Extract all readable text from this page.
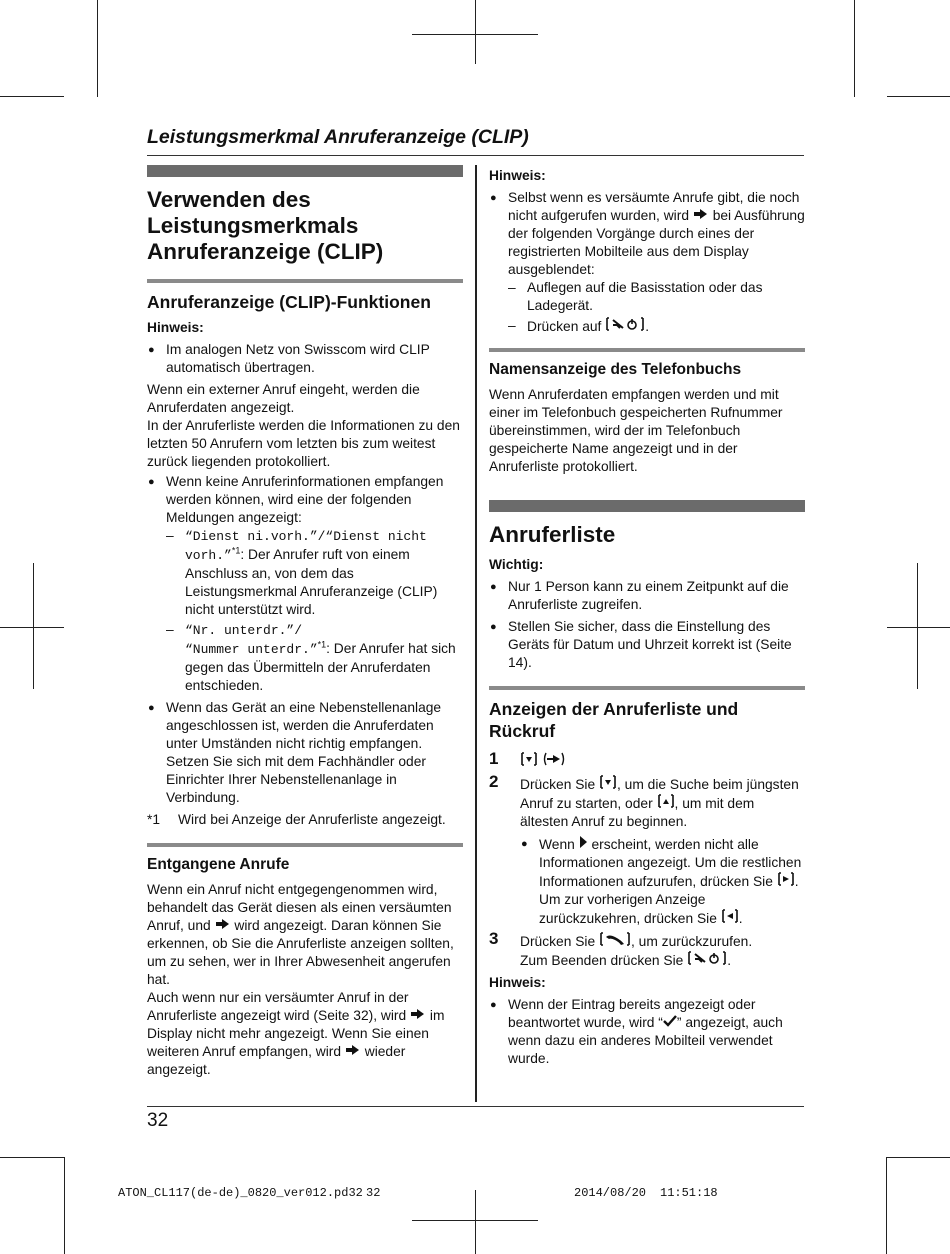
Leistungsmerkmal Anruferanzeige (CLIP)
Verwenden des Leistungsmerkmals Anruferanzeige (CLIP)
Anruferanzeige (CLIP)-Funktionen
Hinweis:
● Im analogen Netz von Swisscom wird CLIP automatisch übertragen.

Wenn ein externer Anruf eingeht, werden die Anruferdaten angezeigt.

In der Anruferliste werden die Informationen zu den letzten 50 Anrufern vom letzten bis zum weitest zurück liegenden protokolliert.

● Wenn keine Anruferinformationen empfangen werden können, wird eine der folgenden Meldungen angezeigt:
– “Dienst ni.vorh.”/“Dienst nicht vorh.”$^{*1}$: Der Anrufer ruft von einem Anschluss an, von dem das Leistungsmerkmal Anruferanzeige (CLIP) nicht unterstützt wird.
– “Nr. unterdr.”/
“Nummer unterdr.”$^{*1}$: Der Anrufer hat sich gegen das Übermitteln der Anruferdaten entschieden.
● Wenn das Gerät an eine Nebenstellenanlage angeschlossen ist, werden die Anruferdaten unter Umständen nicht richtig empfangen. Setzen Sie sich mit dem Fachhändler oder Einrichter Ihrer Nebenstellenanlage in Verbindung.
*1 Wird bei Anzeige der Anruferliste angezeigt.
Entgangene Anrufe

Wenn ein Anruf nicht entgegengenommen wird, behandelt das Gerät diesen als einen versäumten Anruf, und wird angezeigt. Daran können Sie erkennen, ob Sie die Anruferliste anzeigen sollten, um zu sehen, wer in Ihrer Abwesenheit angerufen hat.

Auch wenn nur ein versäumter Anruf in der Anruferliste angezeigt wird (Seite 32), wird im Display nicht mehr angezeigt. Wenn Sie einen weiteren Anruf empfangen, wird wieder angezeigt.

Hinweis:
● Selbst wenn es versäumte Anrufe gibt, die noch nicht aufgerufen wurden, wird bei Ausführung der folgenden Vorgänge durch eines der registrierten Mobilteile aus dem Display ausgeblendet:
– Auflegen auf die Basisstation oder das Ladegerät.
– Drücken auf	.
Namensanzeige des Telefonbuchs

Wenn Anruferdaten empfangen werden und mit einer im Telefonbuch gespeicherten Rufnummer übereinstimmen, wird der im Telefonbuch gespeicherte Name angezeigt und in der Anruferliste protokolliert.

Anruferliste
Wichtig:
● Nur 1 Person kann zu einem Zeitpunkt auf die Anruferliste zugreifen.
● Stellen Sie sicher, dass die Einstellung des Geräts für Datum und Uhrzeit korrekt ist (Seite 14).
Anzeigen der Anruferliste und Rückruf
1

2 Drücken Sie , um die Suche beim jüngsten Anruf zu starten, oder , um mit dem ältesten Anruf zu beginnen.
● Wenn erscheint, werden nicht alle Informationen angezeigt. Um die restlichen Informationen aufzurufen, drücken Sie . Um zur vorherigen Anzeige zurückzukehren, drücken Sie .
3 Drücken Sie	, um zurückzurufen.
Zum Beenden drücken Sie	.
Hinweis:
● Wenn der Eintrag bereits angezeigt oder beantwortet wurde, wird “ ” angezeigt, auch wenn dazu ein anderes Mobilteil verwendet wurde.
32
ATON_CL117(de-de)_0820_ver012.pd32 32	2014/08/20 11:51:18
